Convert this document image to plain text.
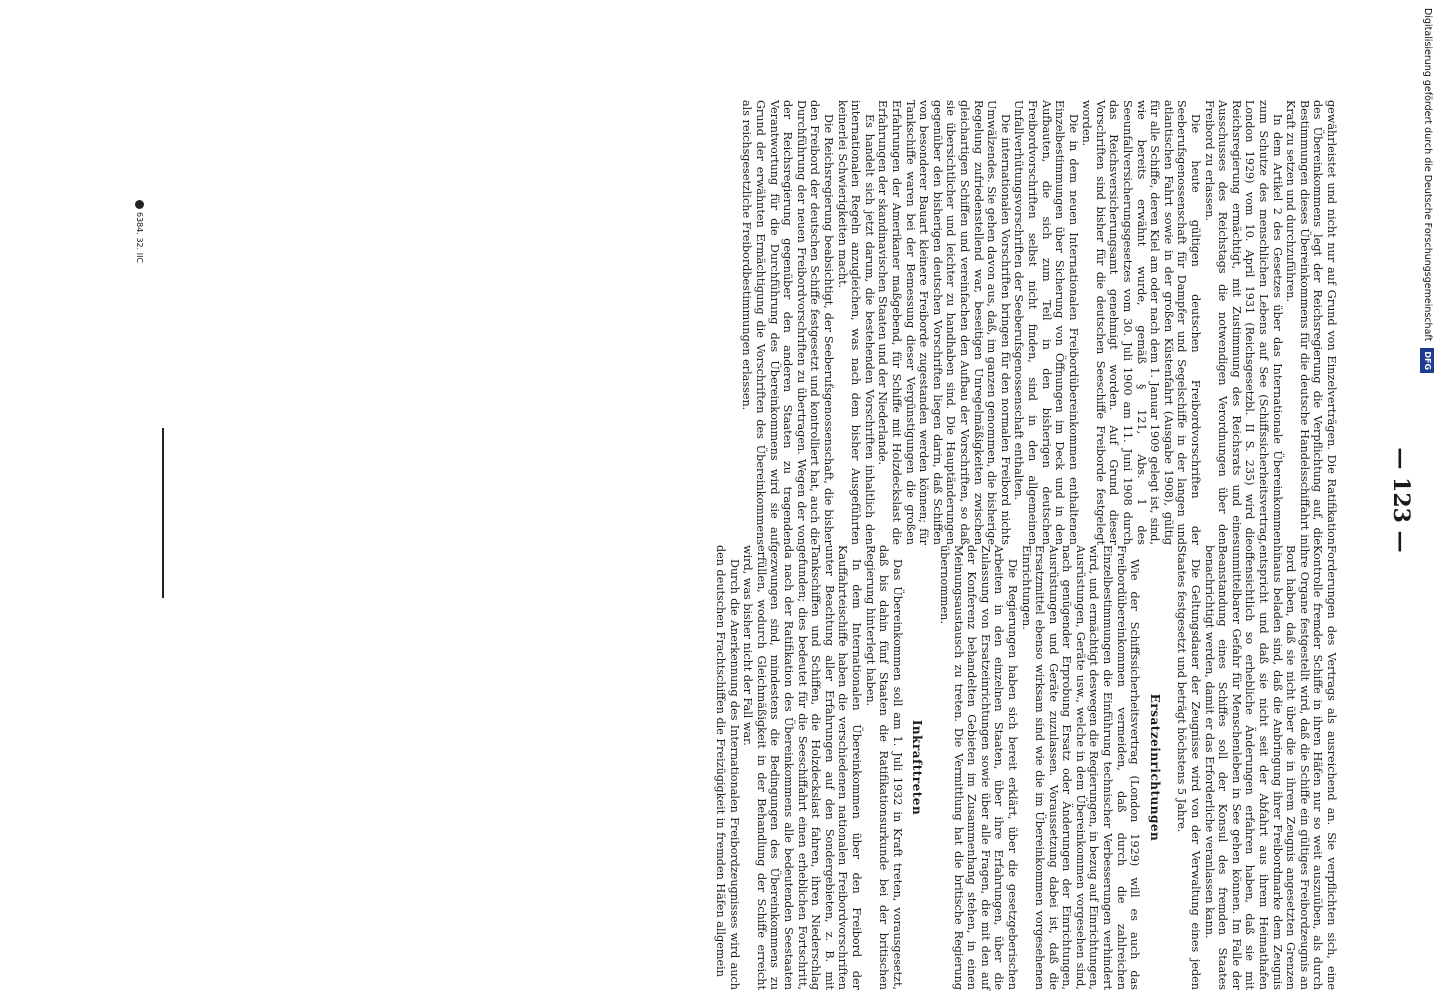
— 123 —

Forderungen des Vertrags als ausreichend an. Sie verpflichten sich, eine Kontrolle fremder Schiffe in ihren Häfen nur so weit auszuüben, als durch ihre Organe festgestellt wird, daß die Schiffe ein gültiges Freibordzeugnis an Bord haben, daß sie nicht über die in ihrem Zeugnis angesetzten Grenzen hinaus beladen sind, daß die Anbringung ihrer Freibordmarke dem Zeugnis entspricht und daß sie nicht seit der Abfahrt aus ihrem Heimathafen offensichtlich so erhebliche Änderungen erfahren haben, daß sie mit unmittelbarer Gefahr für Menschenleben in See gehen können. Im Falle der Beanstandung eines Schiffes soll der Konsul des fremden Staates benachrichtigt werden, damit er das Erforderliche veranlassen kann.

Die Geltungsdauer der Zeugnisse wird von der Verwaltung eines jeden Staates festgesetzt und beträgt höchstens 5 Jahre.

Ersatzeinrichtungen

Wie der Schiffssicherheitsvertrag (London 1929) will es auch das Freibordübereinkommen vermeiden, daß durch die zahlreichen Einzelbestimmungen die Einführung technischer Verbesserungen verhindert wird, und ermächtigt deswegen die Regierungen, in bezug auf Einrichtungen, Ausrüstungen, Geräte usw., welche in dem Übereinkommen vorgesehen sind, nach genügender Erprobung Ersatz oder Änderungen der Einrichtungen, Ausrüstungen und Geräte zuzulassen. Voraussetzung dabei ist, daß die Ersatzmittel ebenso wirksam sind wie die im Übereinkommen vorgesehenen Einrichtungen.

Die Regierungen haben sich bereit erklärt, über die gesetzgeberischen Arbeiten in den einzelnen Staaten, über ihre Erfahrungen, über die Zulassung von Ersatzeinrichtungen sowie über alle Fragen, die mit den auf der Konferenz behandelten Gebieten im Zusammenhang stehen, in einen Meinungsaustausch zu treten. Die Vermittlung hat die britische Regierung übernommen.

Inkrafttreten

Das Übereinkommen soll am 1. Juli 1932 in Kraft treten, vorausgesetzt, daß bis dahin fünf Staaten die Ratifikationsurkunde bei der britischen Regierung hinterlegt haben.

In dem Internationalen Übereinkommen über den Freibord der Kauffahrteischiffe haben die verschiedenen nationalen Freibordvorschriften unter Beachtung aller Erfahrungen auf den Sondergebieten, z. B. mit Tankschiffen und Schiffen, die Holzdeckslast fahren, ihren Niederschlag gefunden; dies bedeutet für die Seeschiffahrt einen erheblichen Fortschritt, da nach der Ratifikation des Übereinkommens alle bedeutenden Seestaaten gezwungen sind, mindestens die Bedingungen des Übereinkommens zu erfüllen, wodurch Gleichmäßigkeit in der Behandlung der Schiffe erreicht wird, was bisher nicht der Fall war.

Durch die Anerkennung des Internationalen Freibordzeugnisses wird auch den deutschen Frachtschiffen die Freizügigkeit in fremden Häfen allgemein

gewährleistet und nicht nur auf Grund von Einzelverträgen. Die Ratifikation des Übereinkommens legt der Reichsregierung die Verpflichtung auf, die Bestimmungen dieses Übereinkommens für die deutsche Handelsschiffahrt in Kraft zu setzen und durchzuführen.

In dem Artikel 2 des Gesetzes über das Internationale Übereinkommen zum Schutze des menschlichen Lebens auf See (Schiffssicherheitsvertrag, London 1929) vom 10. April 1931 (Reichsgesetzbl. II S. 235) wird die Reichsregierung ermächtigt, mit Zustimmung des Reichsrats und eines Ausschusses des Reichstags die notwendigen Verordnungen über den Freibord zu erlassen.

Die heute gültigen deutschen Freibordvorschriften der Seeberufsgenossenschaft für Dampfer und Segelschiffe in der langen und atlantischen Fahrt sowie in der großen Küstenfahrt (Ausgabe 1908), gültig für alle Schiffe, deren Kiel am oder nach dem 1. Januar 1909 gelegt ist, sind, wie bereits erwähnt wurde, gemäß § 121, Abs. 1 des Seeunfallversicherungsgesetzes vom 30. Juli 1900 am 11. Juni 1908 durch das Reichsversicherungsamt genehmigt worden. Auf Grund dieser Vorschriften sind bisher für die deutschen Seeschiffe Freiborde festgelegt worden.

Die in dem neuen Internationalen Freibordübereinkommen enthaltenen Einzelbestimmungen über Sicherung von Öffnungen im Deck und in den Aufbauten, die sich zum Teil in den bisherigen deutschen Freibordvorschriften selbst nicht finden, sind in den allgemeinen Unfallverhütungsvorschriften der Seeberufsgenossenschaft enthalten.

Die internationalen Vorschriften bringen für den normalen Freibord nichts Umwälzendes. Sie gehen davon aus, daß, im ganzen genommen, die bisherige Regelung zufriedenstellend war, beseitigen Unregelmäßigkeiten zwischen gleichartigen Schiffen und vereinfachen den Aufbau der Vorschriften, so daß sie übersichtlicher und leichter zu handhaben sind. Die Hauptänderungen gegenüber den bisherigen deutschen Vorschriften liegen darin, daß Schiffen von besonderer Bauart kleinere Freiborde zugestanden werden können; für Tankschiffe waren bei der Bemessung dieser Vergünstigungen die großen Erfahrungen der Amerikaner maßgebend, für Schiffe mit Holzdeckslast die Erfahrungen der skandinavischen Staaten und der Niederlande.

Es handelt sich jetzt darum, die bestehenden Vorschriften inhaltlich den internationalen Regeln anzugleichen, was nach dem bisher Ausgeführten keinerlei Schwierigkeiten macht.

Die Reichsregierung beabsichtigt, der Seeberufsgenossenschaft, die bisher den Freibord der deutschen Schiffe festgesetzt und kontrolliert hat, auch die Durchführung der neuen Freibordvorschriften zu übertragen. Wegen der von der Reichsregierung gegenüber den anderen Staaten zu tragenden Verantwortung für die Durchführung des Übereinkommens wird sie auf Grund der erwähnten Ermächtigung die Vorschriften des Übereinkommens als reichsgesetzliche Freibordbestimmungen erlassen.

6384. 32. IIC	Digitalisierung gefördert durch die Deutsche Forschungsgemeinschaft DFG
